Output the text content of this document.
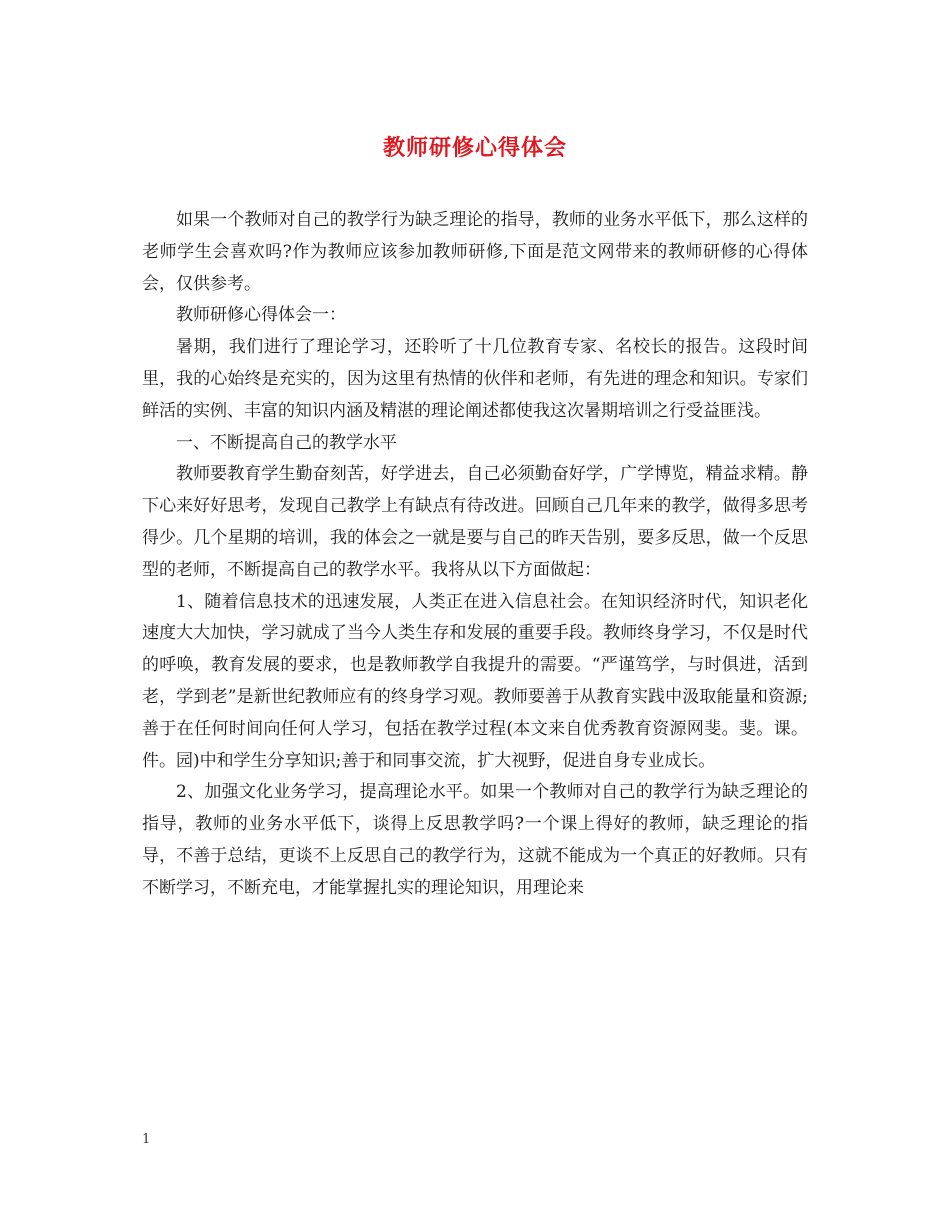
教师研修心得体会

如果一个教师对自己的教学行为缺乏理论的指导，教师的业务水平低下，那么这样的老师学生会喜欢吗?作为教师应该参加教师研修,下面是范文网带来的教师研修的心得体会，仅供参考。

教师研修心得体会一：

暑期，我们进行了理论学习，还聆听了十几位教育专家、名校长的报告。这段时间里，我的心始终是充实的，因为这里有热情的伙伴和老师，有先进的理念和知识。专家们鲜活的实例、丰富的知识内涵及精湛的理论阐述都使我这次暑期培训之行受益匪浅。

一、不断提高自己的教学水平

教师要教育学生勤奋刻苦，好学进去，自己必须勤奋好学，广学博览，精益求精。静下心来好好思考，发现自己教学上有缺点有待改进。回顾自己几年来的教学，做得多思考得少。几个星期的培训，我的体会之一就是要与自己的昨天告别，要多反思，做一个反思型的老师，不断提高自己的教学水平。我将从以下方面做起：

1、随着信息技术的迅速发展，人类正在进入信息社会。在知识经济时代，知识老化速度大大加快，学习就成了当今人类生存和发展的重要手段。教师终身学习，不仅是时代的呼唤，教育发展的要求，也是教师教学自我提升的需要。“严谨笃学，与时俱进，活到老，学到老”是新世纪教师应有的终身学习观。教师要善于从教育实践中汲取能量和资源;善于在任何时间向任何人学习，包括在教学过程(本文来自优秀教育资源网斐。斐。课。件。园)中和学生分享知识;善于和同事交流，扩大视野，促进自身专业成长。

2、加强文化业务学习，提高理论水平。如果一个教师对自己的教学行为缺乏理论的指导，教师的业务水平低下，谈得上反思教学吗?一个课上得好的教师，缺乏理论的指导，不善于总结，更谈不上反思自己的教学行为，这就不能成为一个真正的好教师。只有不断学习，不断充电，才能掌握扎实的理论知识，用理论来

1
